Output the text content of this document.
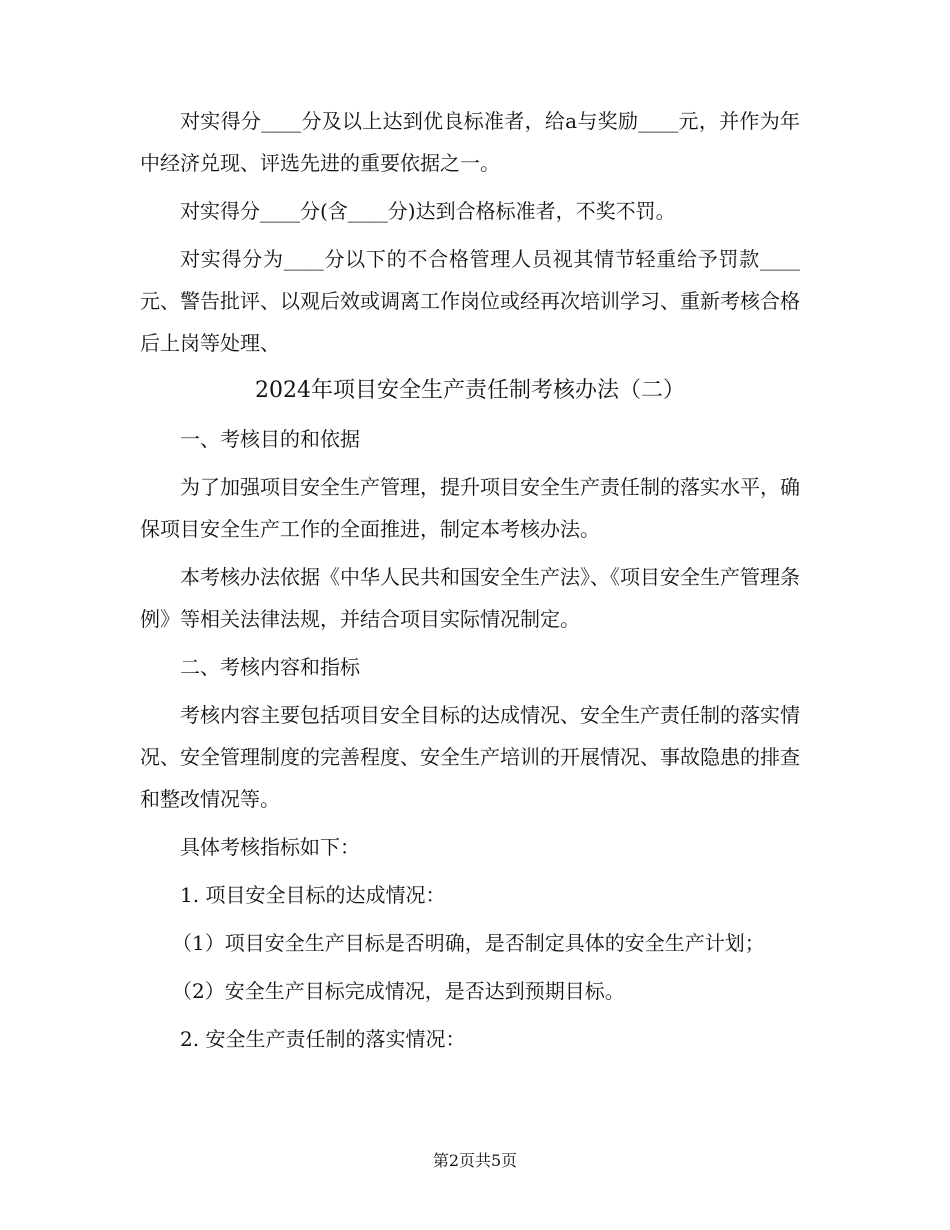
对实得分____分及以上达到优良标准者，给a与奖励____元，并作为年中经济兑现、评选先进的重要依据之一。

对实得分____分(含____分)达到合格标准者，不奖不罚。

对实得分为____分以下的不合格管理人员视其情节轻重给予罚款____元、警告批评、以观后效或调离工作岗位或经再次培训学习、重新考核合格后上岗等处理、

2024年项目安全生产责任制考核办法（二）

一、考核目的和依据

为了加强项目安全生产管理，提升项目安全生产责任制的落实水平，确保项目安全生产工作的全面推进，制定本考核办法。

本考核办法依据《中华人民共和国安全生产法》、《项目安全生产管理条例》等相关法律法规，并结合项目实际情况制定。

二、考核内容和指标

考核内容主要包括项目安全目标的达成情况、安全生产责任制的落实情况、安全管理制度的完善程度、安全生产培训的开展情况、事故隐患的排查和整改情况等。

具体考核指标如下：

1. 项目安全目标的达成情况：

（1）项目安全生产目标是否明确，是否制定具体的安全生产计划；

（2）安全生产目标完成情况，是否达到预期目标。

2. 安全生产责任制的落实情况：

第2页共5页
